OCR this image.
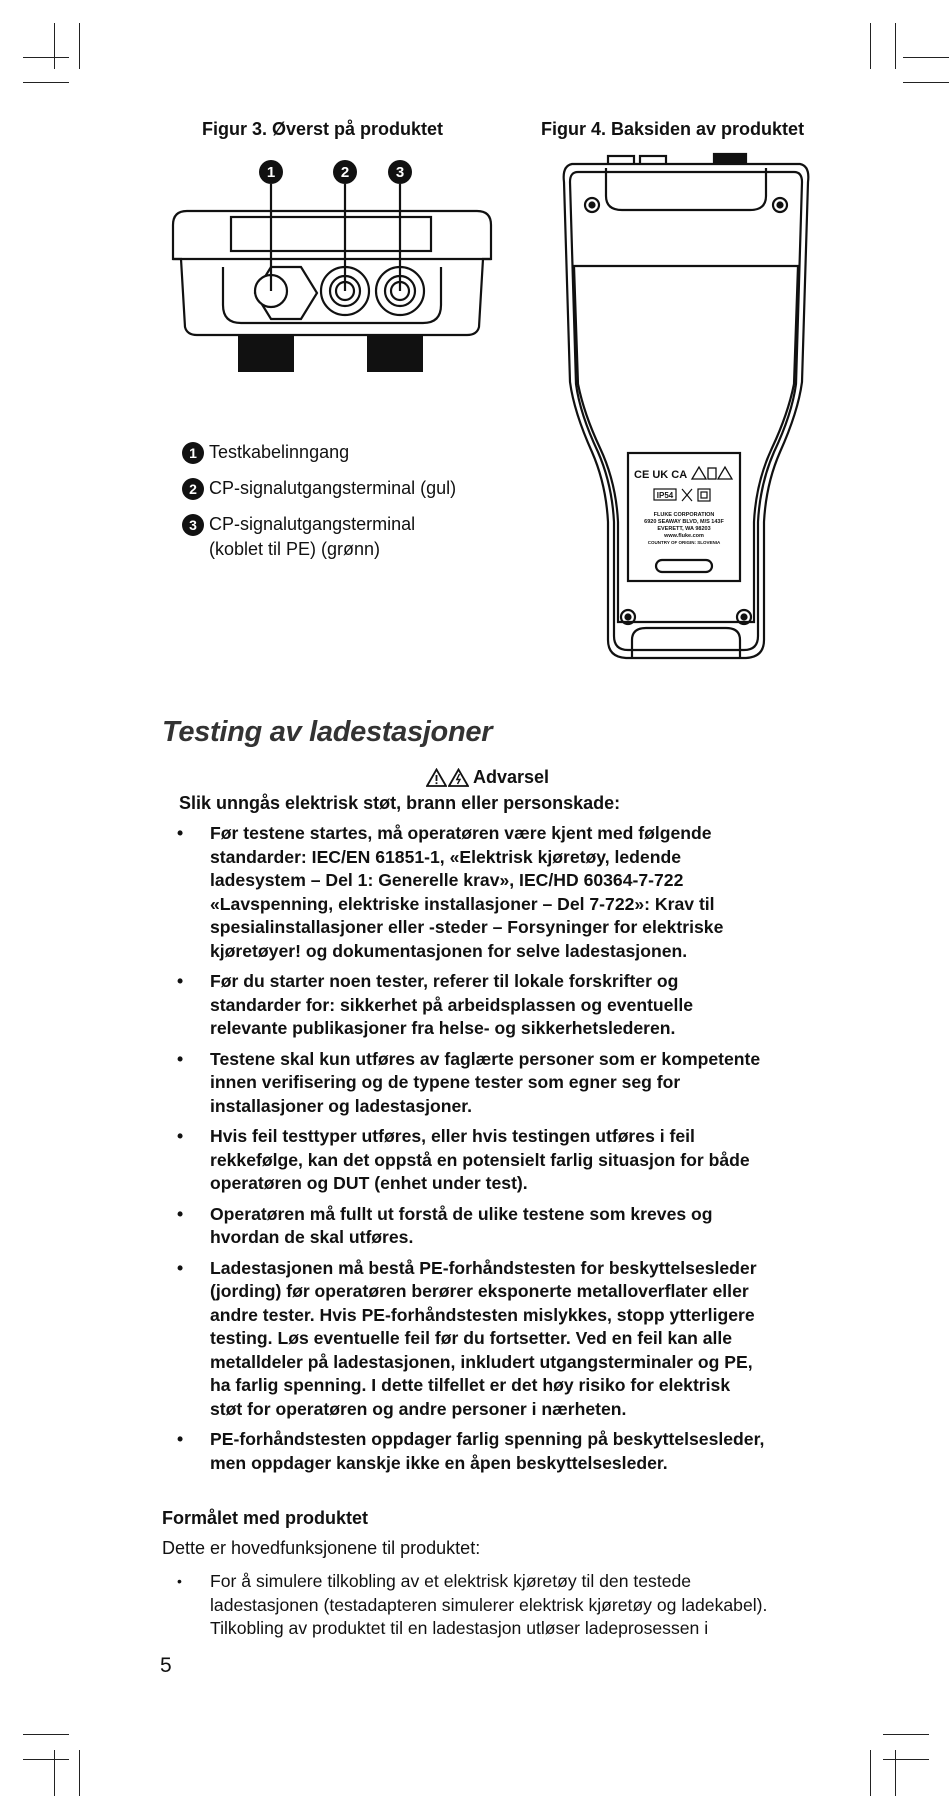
Figur 3. Øverst på produktet	Figur 4. Baksiden av produktet
1	2	3
CE UK CA
IP54
FLUKE CORPORATION
6920 SEAWAY BLVD, M/S 143F
EVERETT, WA 98203
www.fluke.com
COUNTRY OF ORIGIN: SLOVENIA
1 Testkabelinngang
2 CP-signalutgangsterminal (gul)
3 CP-signalutgangsterminal
(koblet til PE) (grønn)
Testing av ladestasjoner
Advarsel
Slik unngås elektrisk støt, brann eller personskade:
• Før testene startes, må operatøren være kjent med følgende
standarder: IEC/EN 61851-1, «Elektrisk kjøretøy, ledende
ladesystem – Del 1: Generelle krav», IEC/HD 60364-7-722
«Lavspenning, elektriske installasjoner – Del 7-722»: Krav til
spesialinstallasjoner eller -steder – Forsyninger for elektriske
kjøretøyer! og dokumentasjonen for selve ladestasjonen.
• Før du starter noen tester, referer til lokale forskrifter og
standarder for: sikkerhet på arbeidsplassen og eventuelle
relevante publikasjoner fra helse- og sikkerhetslederen.
• Testene skal kun utføres av faglærte personer som er kompetente
innen verifisering og de typene tester som egner seg for
installasjoner og ladestasjoner.
• Hvis feil testtyper utføres, eller hvis testingen utføres i feil
rekkefølge, kan det oppstå en potensielt farlig situasjon for både
operatøren og DUT (enhet under test).
• Operatøren må fullt ut forstå de ulike testene som kreves og
hvordan de skal utføres.
• Ladestasjonen må bestå PE-forhåndstesten for beskyttelsesleder
(jording) før operatøren berører eksponerte metalloverflater eller
andre tester. Hvis PE-forhåndstesten mislykkes, stopp ytterligere
testing. Løs eventuelle feil før du fortsetter. Ved en feil kan alle
metalldeler på ladestasjonen, inkludert utgangsterminaler og PE,
ha farlig spenning. I dette tilfellet er det høy risiko for elektrisk
støt for operatøren og andre personer i nærheten.
• PE-forhåndstesten oppdager farlig spenning på beskyttelsesleder,
men oppdager kanskje ikke en åpen beskyttelsesleder.
Formålet med produktet
Dette er hovedfunksjonene til produktet:
• For å simulere tilkobling av et elektrisk kjøretøy til den testede
ladestasjonen (testadapteren simulerer elektrisk kjøretøy og ladekabel).
Tilkobling av produktet til en ladestasjon utløser ladeprosessen i
5
